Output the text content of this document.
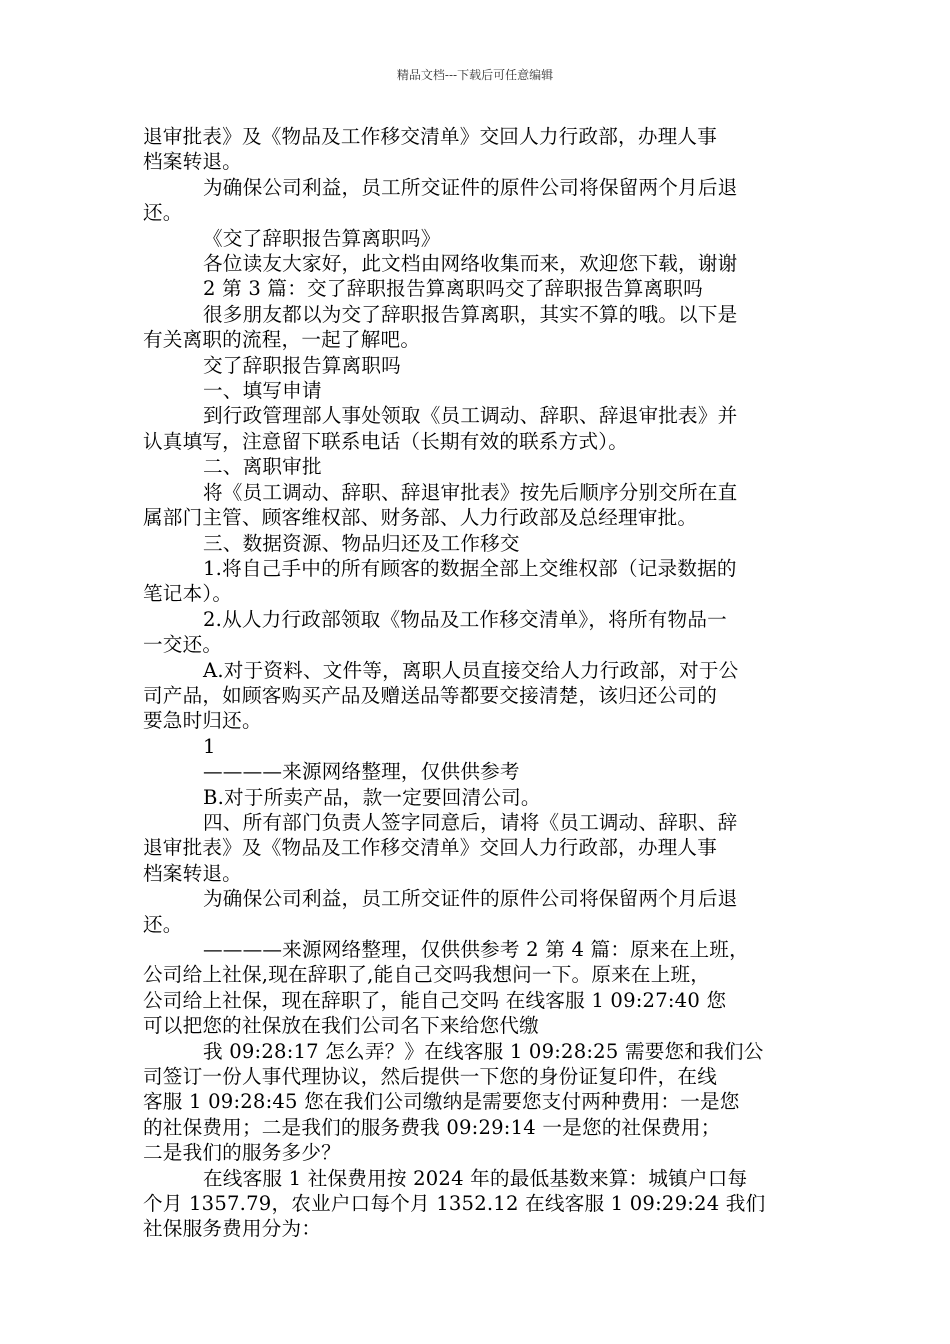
精品文档---下载后可任意编辑

退审批表》及《物品及工作移交清单》交回人力行政部，办理人事

档案转退。

为确保公司利益，员工所交证件的原件公司将保留两个月后退

还。

《交了辞职报告算离职吗》

各位读友大家好，此文档由网络收集而来，欢迎您下载，谢谢

2 第 3 篇：交了辞职报告算离职吗交了辞职报告算离职吗

很多朋友都以为交了辞职报告算离职，其实不算的哦。以下是

有关离职的流程，一起了解吧。

交了辞职报告算离职吗

一、填写申请

到行政管理部人事处领取《员工调动、辞职、辞退审批表》并

认真填写，注意留下联系电话（长期有效的联系方式）。

二、离职审批

将《员工调动、辞职、辞退审批表》按先后顺序分别交所在直

属部门主管、顾客维权部、财务部、人力行政部及总经理审批。

三、数据资源、物品归还及工作移交

1.将自己手中的所有顾客的数据全部上交维权部（记录数据的

笔记本）。

2.从人力行政部领取《物品及工作移交清单》，将所有物品一

一交还。

A.对于资料、文件等，离职人员直接交给人力行政部，对于公

司产品，如顾客购买产品及赠送品等都要交接清楚，该归还公司的

要急时归还。

1

————来源网络整理，仅供供参考

B.对于所卖产品，款一定要回清公司。

四、所有部门负责人签字同意后，请将《员工调动、辞职、辞

退审批表》及《物品及工作移交清单》交回人力行政部，办理人事

档案转退。

为确保公司利益，员工所交证件的原件公司将保留两个月后退

还。

————来源网络整理，仅供供参考 2 第 4 篇：原来在上班，

公司给上社保,现在辞职了,能自己交吗我想问一下。原来在上班，

公司给上社保，现在辞职了，能自己交吗 在线客服 1 09:27:40 您

可以把您的社保放在我们公司名下来给您代缴

我 09:28:17 怎么弄？》在线客服 1 09:28:25 需要您和我们公

司签订一份人事代理协议，然后提供一下您的身份证复印件，在线

客服 1 09:28:45 您在我们公司缴纳是需要您支付两种费用：一是您

的社保费用；二是我们的服务费我 09:29:14 一是您的社保费用；

二是我们的服务多少？

在线客服 1 社保费用按 2024 年的最低基数来算：城镇户口每

个月 1357.79，农业户口每个月 1352.12 在线客服 1 09:29:24 我们

社保服务费用分为：
